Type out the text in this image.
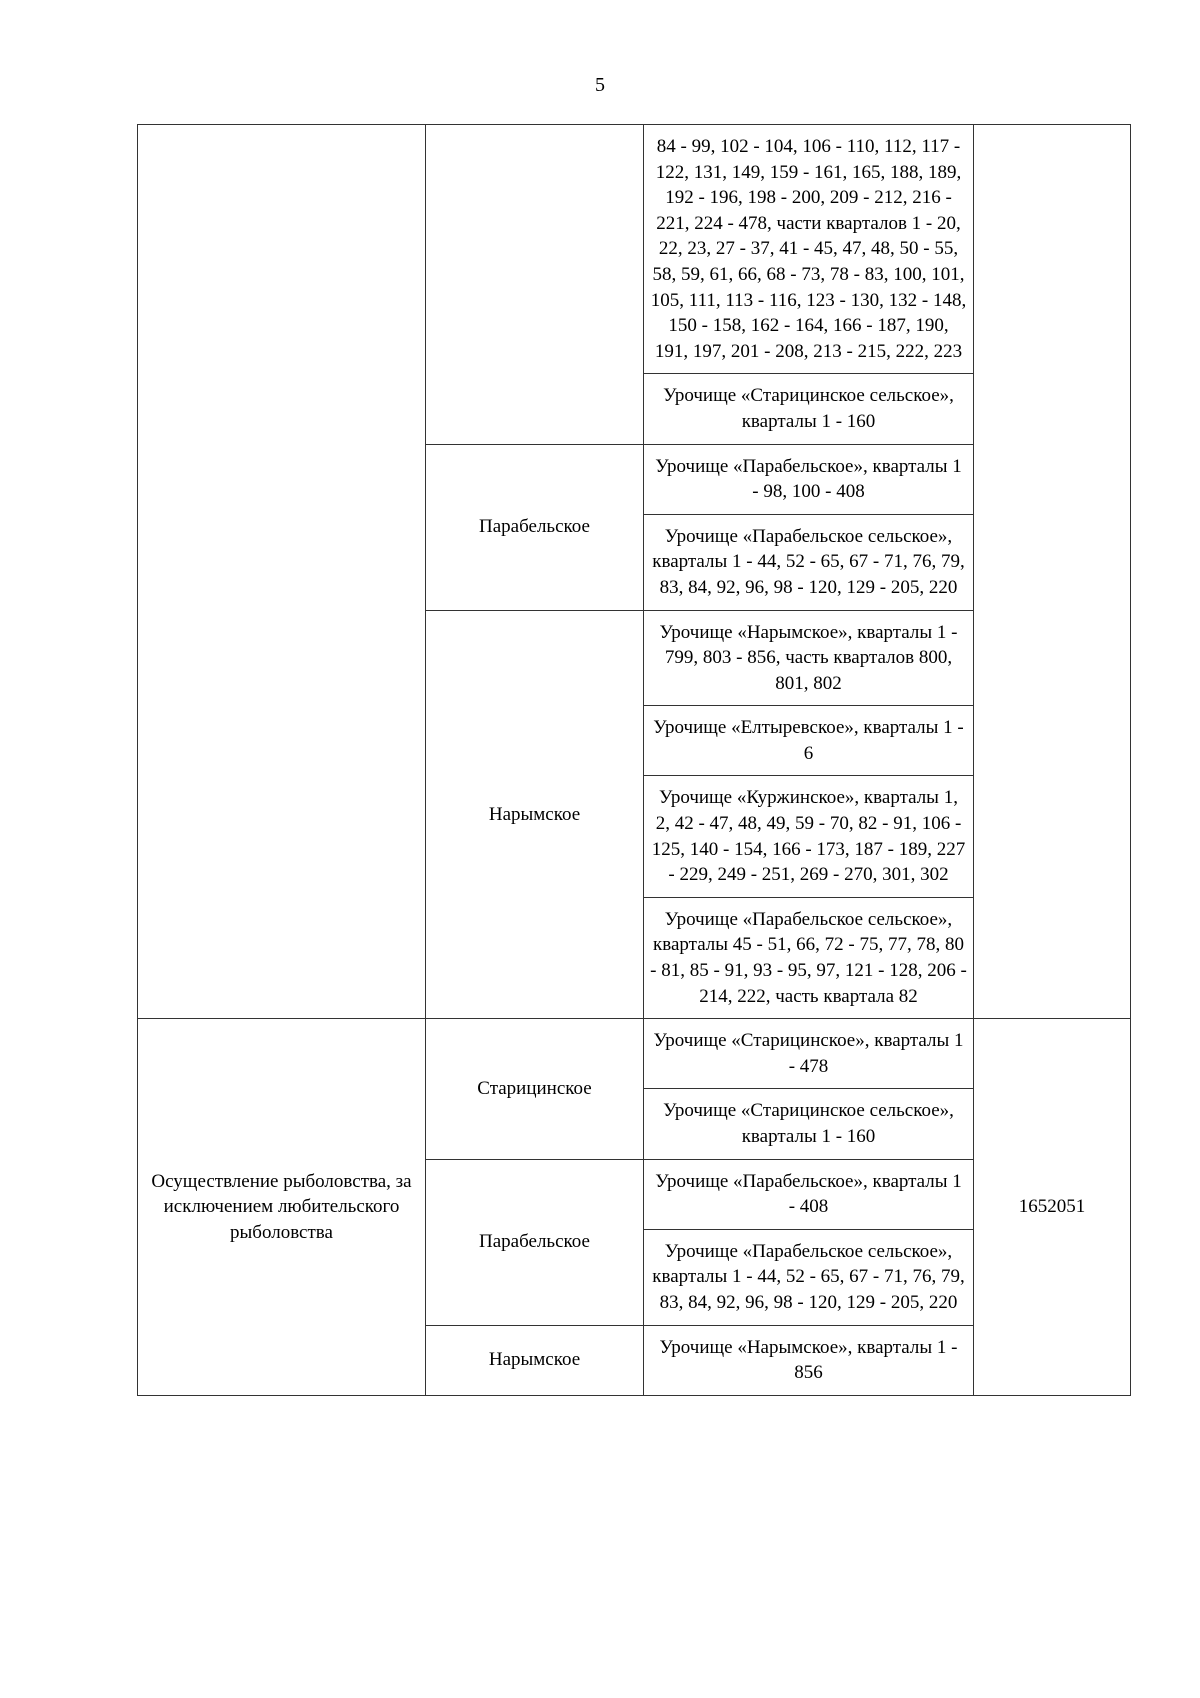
5
		84 - 99, 102 - 104, 106 - 110, 112, 117 - 122, 131, 149, 159 - 161, 165, 188, 189, 192 - 196, 198 - 200, 209 - 212, 216 - 221, 224 - 478, части кварталов 1 - 20, 22, 23, 27 - 37, 41 - 45, 47, 48, 50 - 55, 58, 59, 61, 66, 68 - 73, 78 - 83, 100, 101, 105, 111, 113 - 116, 123 - 130, 132 - 148, 150 - 158, 162 - 164, 166 - 187, 190, 191, 197, 201 - 208, 213 - 215, 222, 223	
		Урочище «Старицинское сельское», кварталы 1 - 160	
	Парабельское	Урочище «Парабельское», кварталы 1 - 98, 100 - 408	
		Урочище «Парабельское сельское», кварталы 1 - 44, 52 - 65, 67 - 71, 76, 79, 83, 84, 92, 96, 98 - 120, 129 - 205, 220	
	Нарымское	Урочище «Нарымское», кварталы 1 - 799, 803 - 856, часть кварталов 800, 801, 802	
		Урочище «Елтыревское», кварталы 1 - 6	
		Урочище «Куржинское», кварталы 1, 2, 42 - 47, 48, 49, 59 - 70, 82 - 91, 106 - 125, 140 - 154, 166 - 173, 187 - 189, 227 - 229, 249 - 251, 269 - 270, 301, 302	
		Урочище «Парабельское сельское», кварталы 45 - 51, 66, 72 - 75, 77, 78, 80 - 81, 85 - 91, 93 - 95, 97, 121 - 128, 206 - 214, 222, часть квартала 82	
Осуществление рыболовства, за исключением любительского рыболовства	Старицинское	Урочище «Старицинское», кварталы 1 - 478	1652051
		Урочище «Старицинское сельское», кварталы 1 - 160	
	Парабельское	Урочище «Парабельское», кварталы 1 - 408	
		Урочище «Парабельское сельское», кварталы 1 - 44, 52 - 65, 67 - 71, 76, 79, 83, 84, 92, 96, 98 - 120, 129 - 205, 220	
	Нарымское	Урочище «Нарымское», кварталы 1 - 856	
